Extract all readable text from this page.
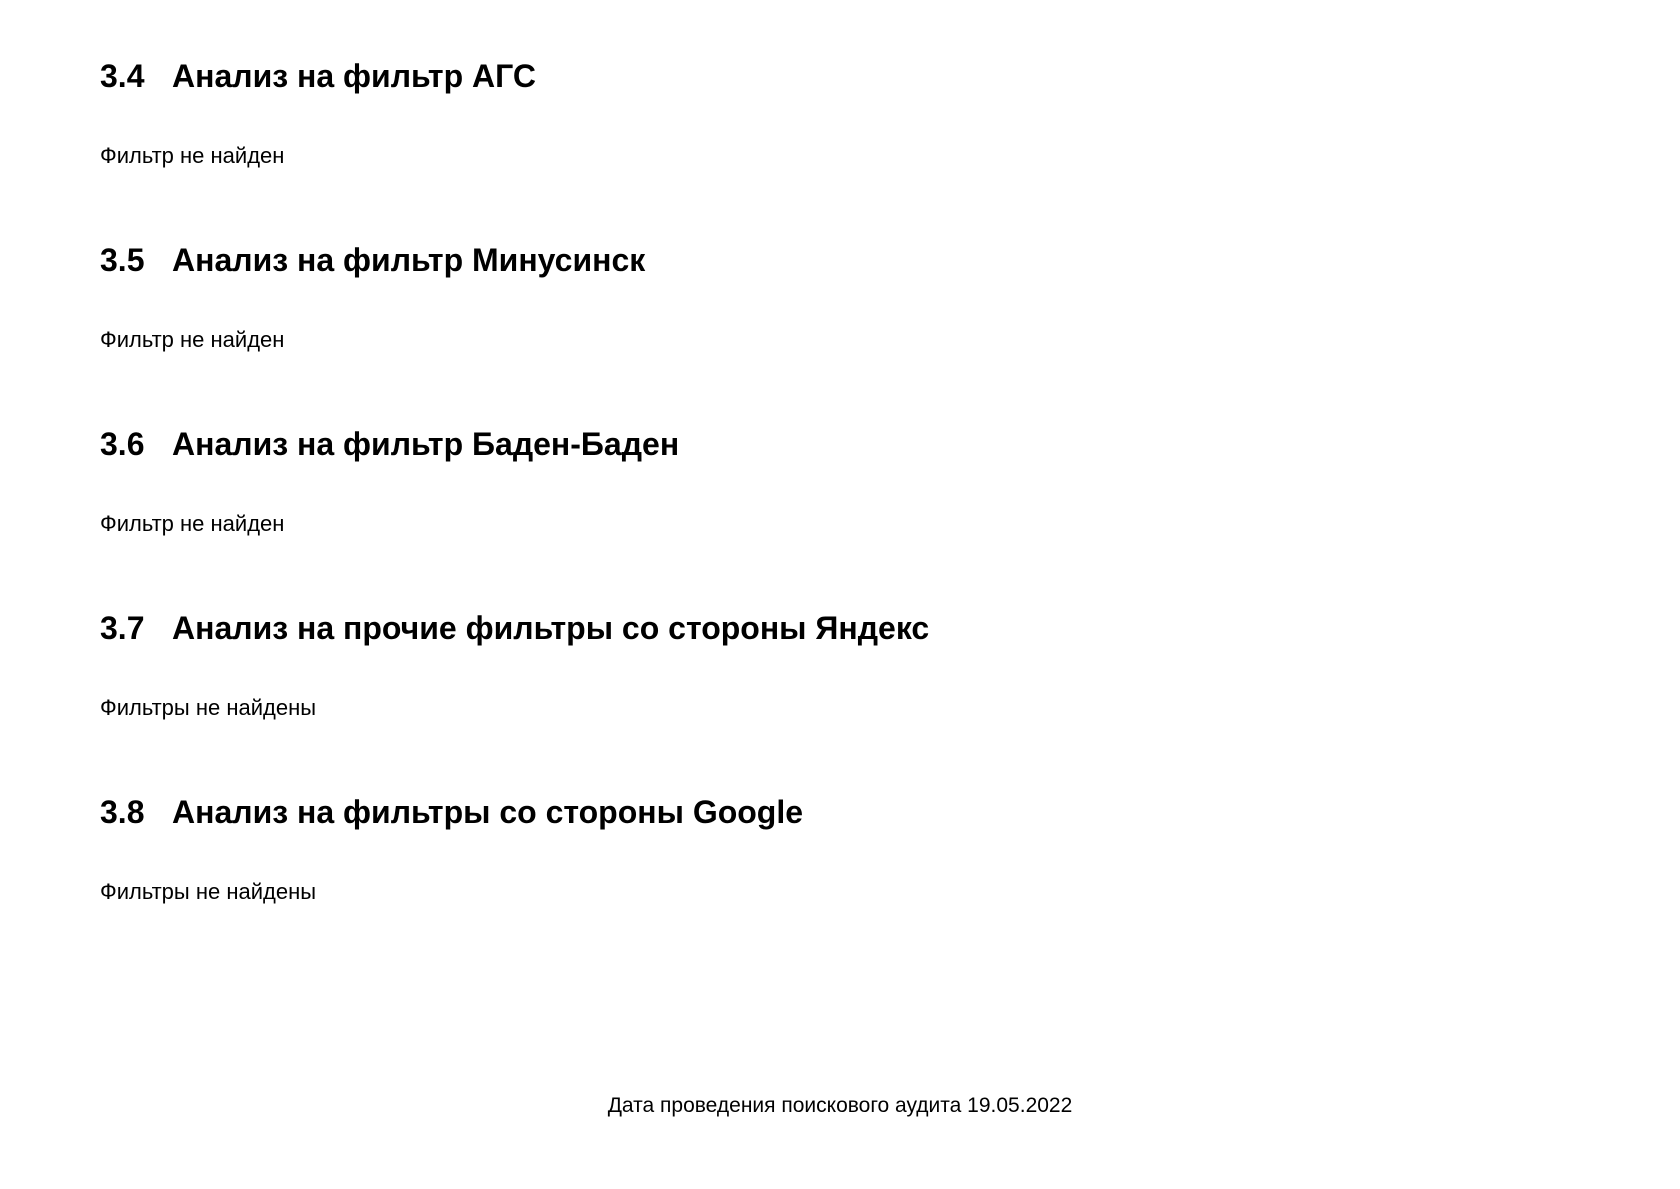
3.4 Анализ на фильтр АГС
Фильтр не найден
3.5 Анализ на фильтр Минусинск
Фильтр не найден
3.6 Анализ на фильтр Баден-Баден
Фильтр не найден
3.7 Анализ на прочие фильтры со стороны Яндекс
Фильтры не найдены
3.8 Анализ на фильтры со стороны Google
Фильтры не найдены
Дата проведения поискового аудита 19.05.2022
